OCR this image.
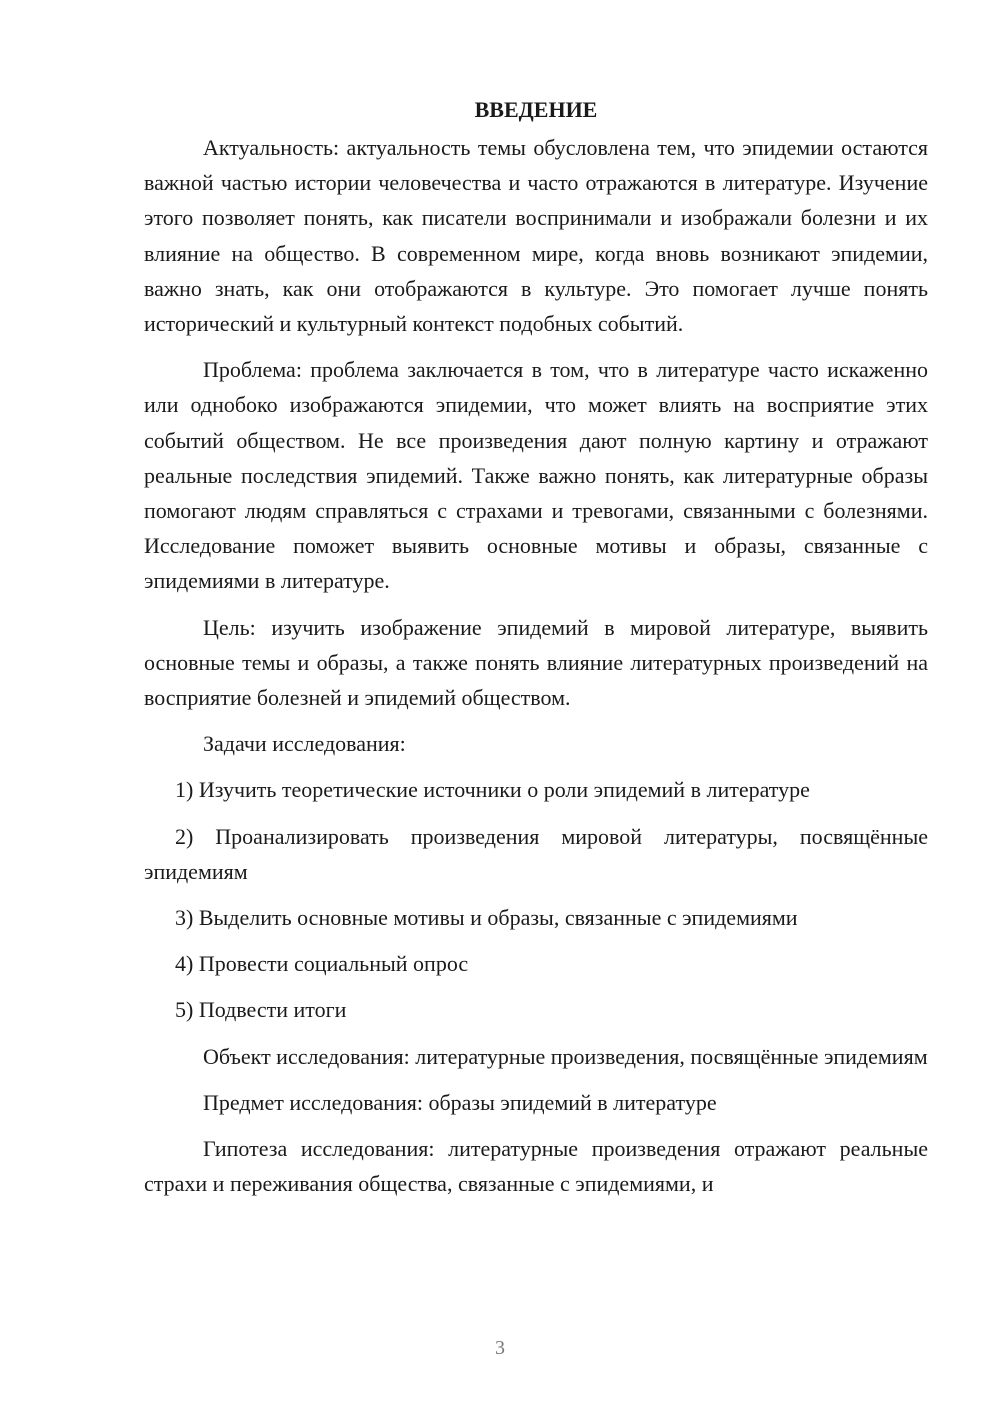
ВВЕДЕНИЕ

Актуальность: актуальность темы обусловлена тем, что эпидемии остаются важной частью истории человечества и часто отражаются в литературе. Изучение этого позволяет понять, как писатели воспринимали и изображали болезни и их влияние на общество. В современном мире, когда вновь возникают эпидемии, важно знать, как они отображаются в культуре. Это помогает лучше понять исторический и культурный контекст подобных событий.

Проблема: проблема заключается в том, что в литературе часто искаженно или однобоко изображаются эпидемии, что может влиять на восприятие этих событий обществом. Не все произведения дают полную картину и отражают реальные последствия эпидемий. Также важно понять, как литературные образы помогают людям справляться с страхами и тревогами, связанными с болезнями. Исследование поможет выявить основные мотивы и образы, связанные с эпидемиями в литературе.

Цель: изучить изображение эпидемий в мировой литературе, выявить основные темы и образы, а также понять влияние литературных произведений на восприятие болезней и эпидемий обществом.

Задачи исследования:

1) Изучить теоретические источники о роли эпидемий в литературе

2) Проанализировать произведения мировой литературы, посвящённые эпидемиям

3) Выделить основные мотивы и образы, связанные с эпидемиями

4) Провести социальный опрос

5) Подвести итоги

Объект исследования: литературные произведения, посвящённые эпидемиям

Предмет исследования: образы эпидемий в литературе

Гипотеза исследования: литературные произведения отражают реальные страхи и переживания общества, связанные с эпидемиями, и

3
